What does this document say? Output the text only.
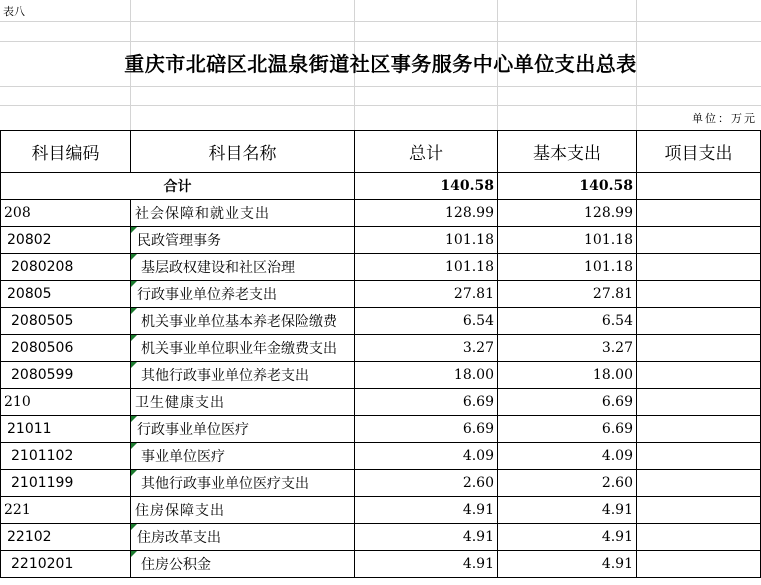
表八
重庆市北碚区北温泉街道社区事务服务中心单位支出总表
单位：万元
科目编码	科目名称	总计	基本支出	项目支出
合计		140.58	140.58	
208	社会保障和就业支出	128.99	128.99	
20802	民政管理事务	101.18	101.18	
2080208	基层政权建设和社区治理	101.18	101.18	
20805	行政事业单位养老支出	27.81	27.81	
2080505	机关事业单位基本养老保险缴费	6.54	6.54	
2080506	机关事业单位职业年金缴费支出	3.27	3.27	
2080599	其他行政事业单位养老支出	18.00	18.00	
210	卫生健康支出	6.69	6.69	
21011	行政事业单位医疗	6.69	6.69	
2101102	事业单位医疗	4.09	4.09	
2101199	其他行政事业单位医疗支出	2.60	2.60	
221	住房保障支出	4.91	4.91	
22102	住房改革支出	4.91	4.91	
2210201	住房公积金	4.91	4.91	
